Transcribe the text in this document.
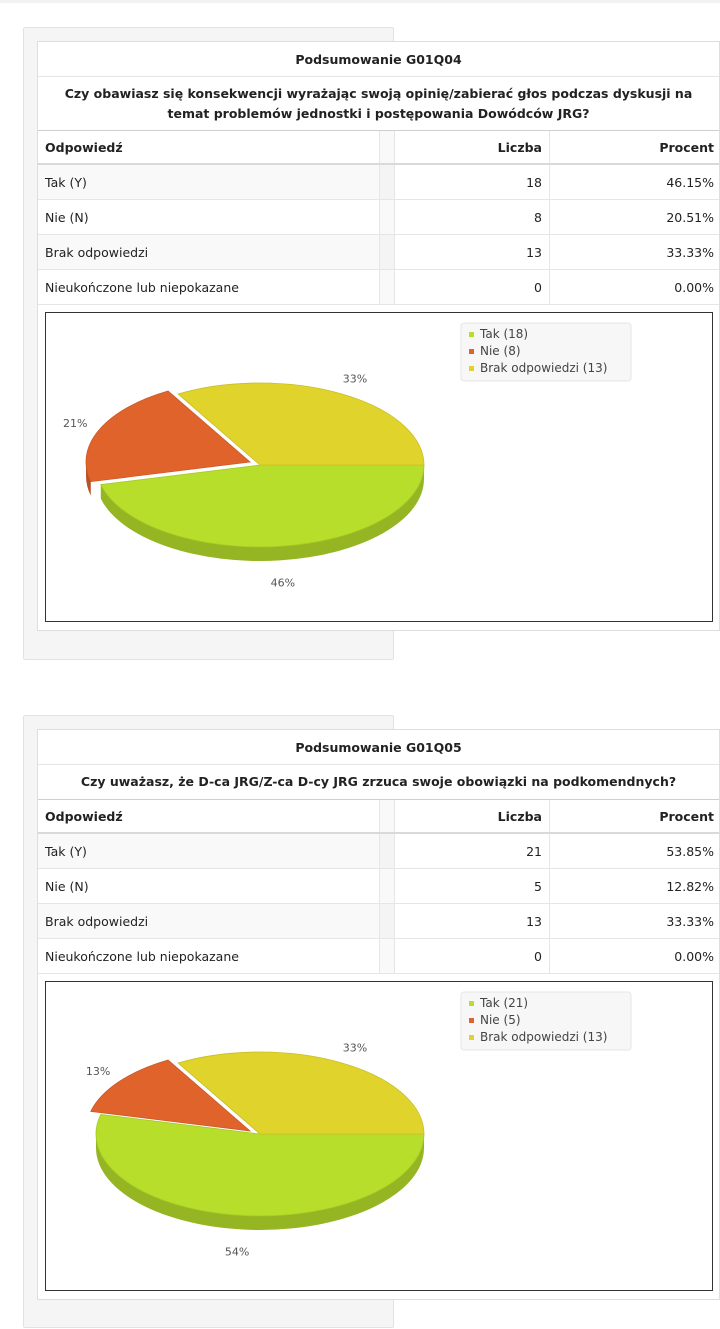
Podsumowanie G01Q04
Czy obawiasz się konsekwencji wyrażając swoją opinię/zabierać głos podczas dyskusji na temat problemów jednostki i postępowania Dowódców JRG?
Odpowiedź	Liczba	Procent
Tak (Y)	18	46.15%
Nie (N)	8	20.51%
Brak odpowiedzi	13	33.33%
Nieukończone lub niepokazane	0	0.00%
46%
21%
33%
Tak (18)
Nie (8)
Brak odpowiedzi (13)
Podsumowanie G01Q05
Czy uważasz, że D-ca JRG/Z-ca D-cy JRG zrzuca swoje obowiązki na podkomendnych?
Odpowiedź	Liczba	Procent
Tak (Y)	21	53.85%
Nie (N)	5	12.82%
Brak odpowiedzi	13	33.33%
Nieukończone lub niepokazane	0	0.00%
54%
13%
33%
Tak (21)
Nie (5)
Brak odpowiedzi (13)
